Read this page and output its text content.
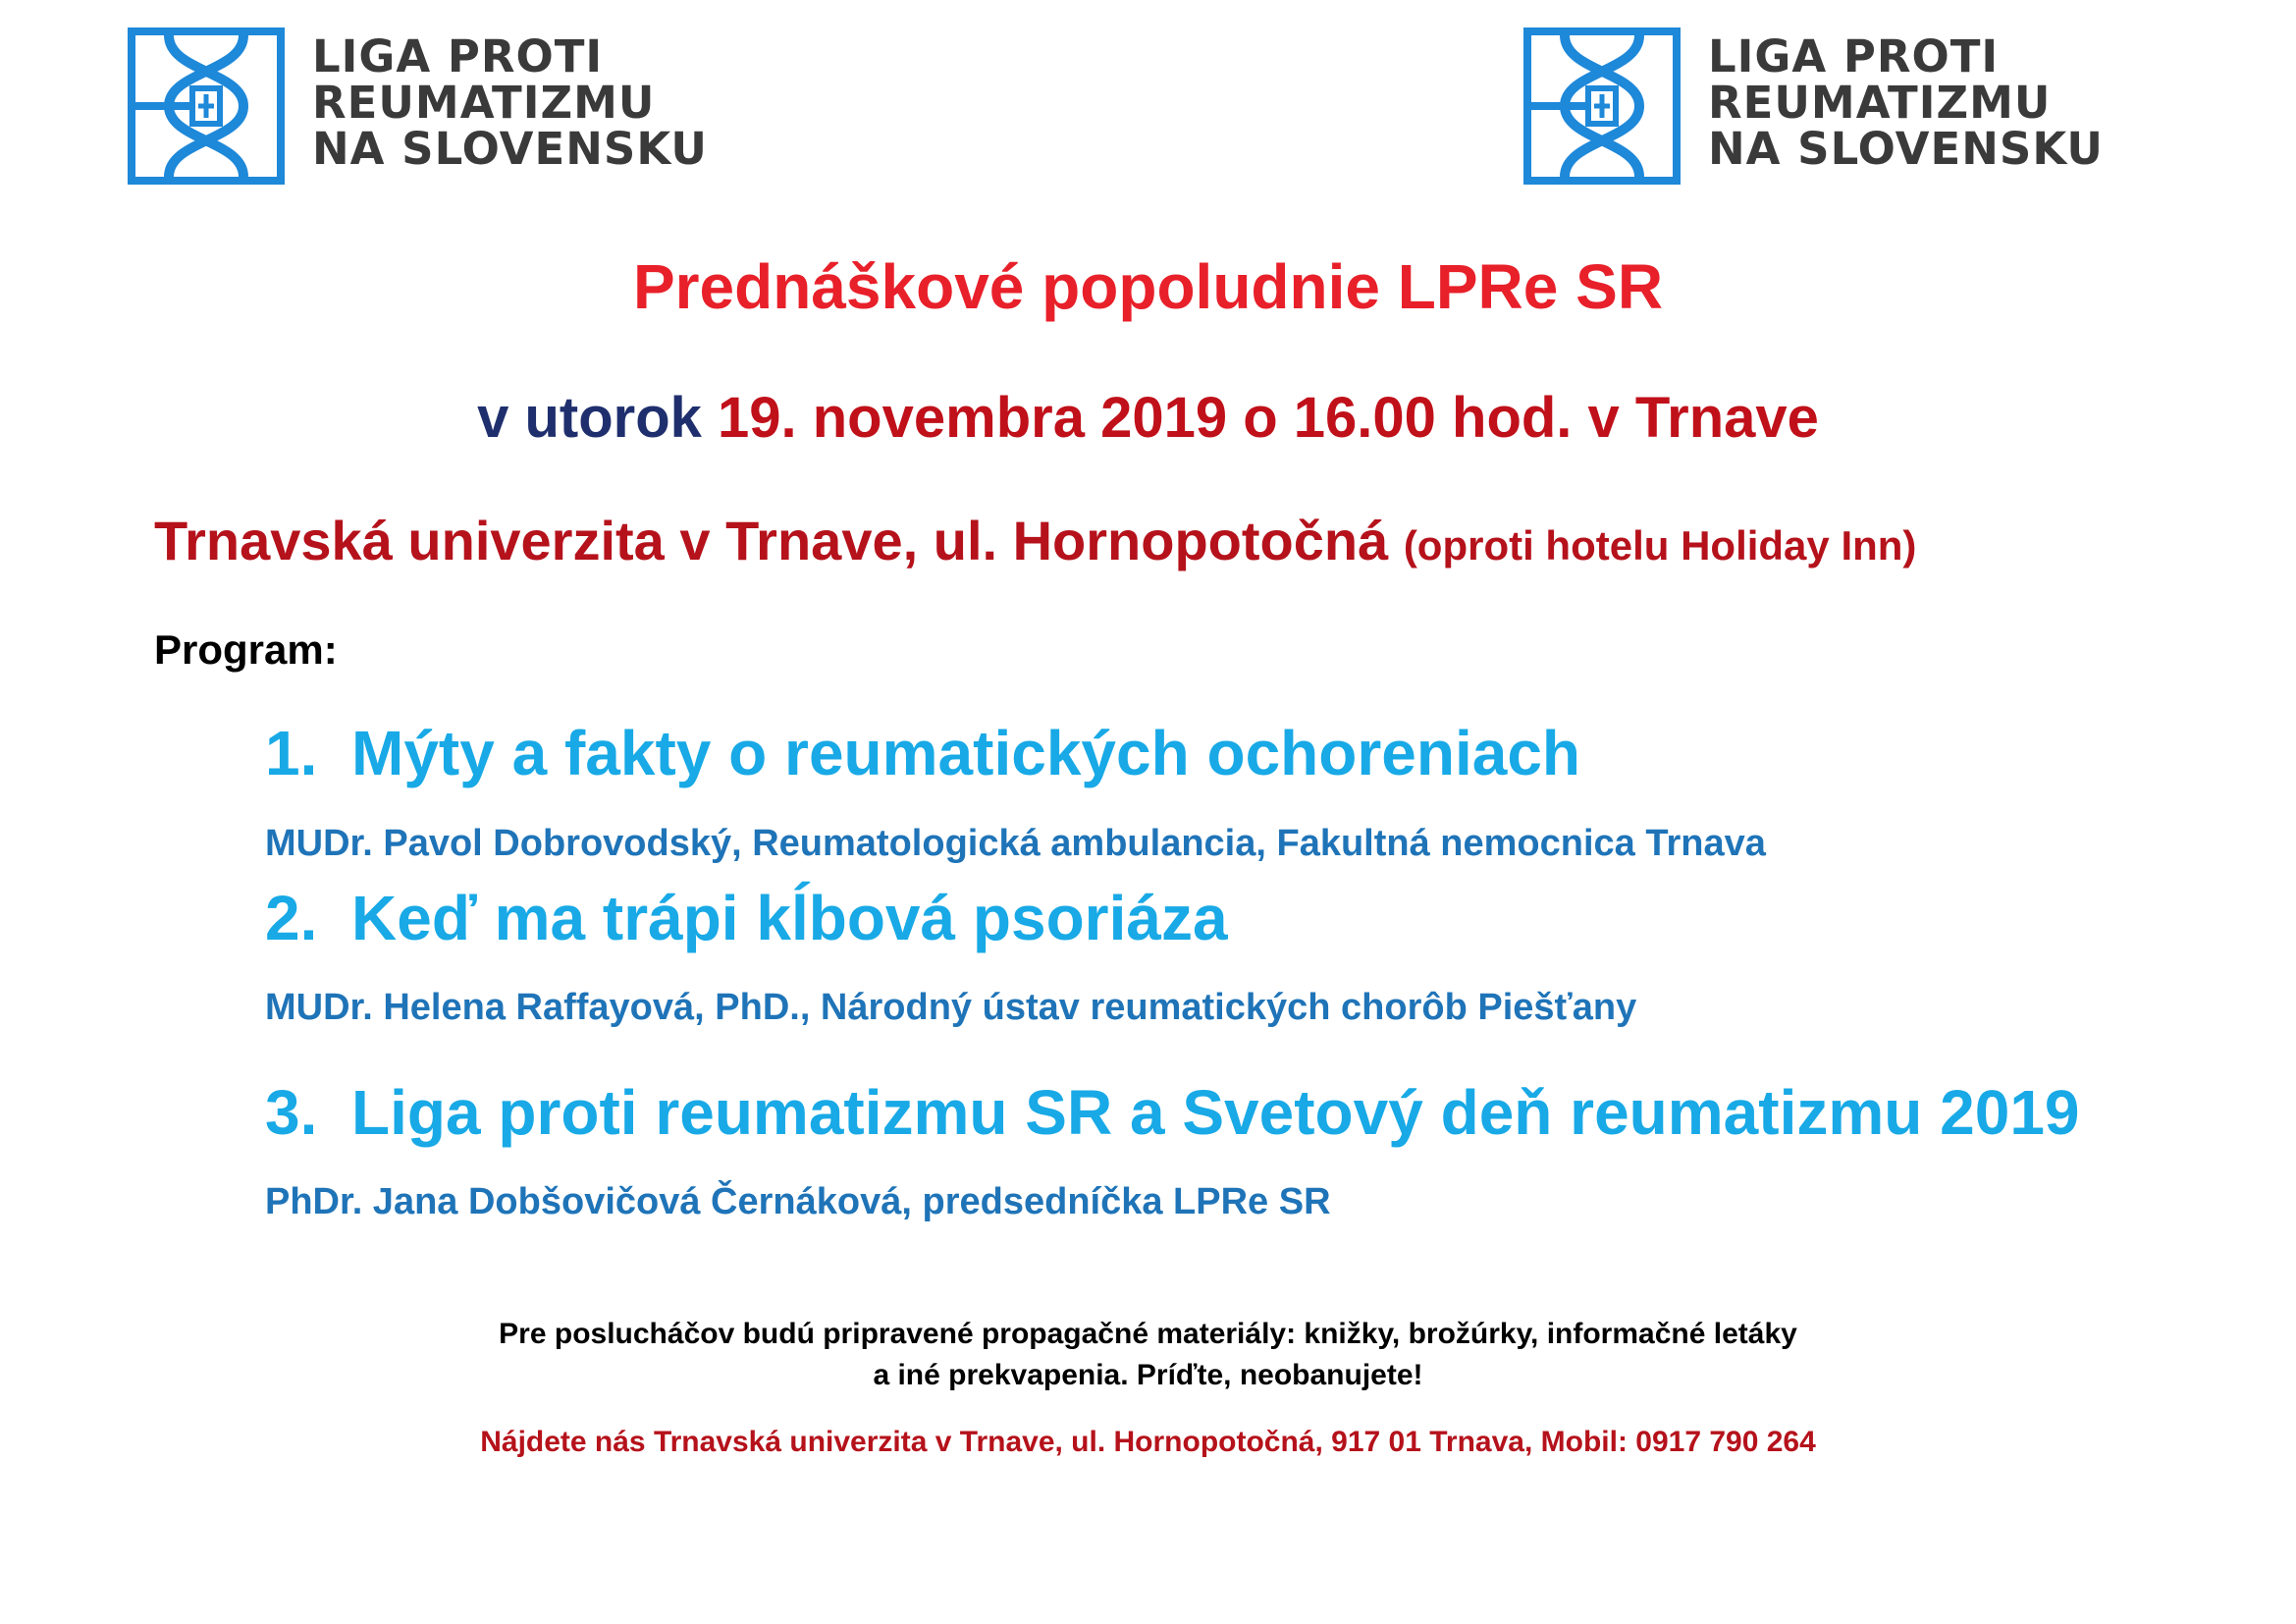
LIGA PROTI
REUMATIZMU
NA SLOVENSKU
LIGA PROTI
REUMATIZMU
NA SLOVENSKU
Prednáškové popoludnie LPRe SR
v utorok 19. novembra 2019 o 16.00 hod. v Trnave
Trnavská univerzita v Trnave, ul. Hornopotočná (oproti hotelu Holiday Inn)
Program:
1. Mýty a fakty o reumatických ochoreniach
MUDr. Pavol Dobrovodský, Reumatologická ambulancia, Fakultná nemocnica Trnava
2. Keď ma trápi kĺbová psoriáza
MUDr. Helena Raffayová, PhD., Národný ústav reumatických chorôb Piešťany
3. Liga proti reumatizmu SR a Svetový deň reumatizmu 2019
PhDr. Jana Dobšovičová Černáková, predsedníčka LPRe SR
Pre poslucháčov budú pripravené propagačné materiály: knižky, brožúrky, informačné letáky
a iné prekvapenia. Príďte, neobanujete!
Nájdete nás Trnavská univerzita v Trnave, ul. Hornopotočná, 917 01 Trnava, Mobil: 0917 790 264
